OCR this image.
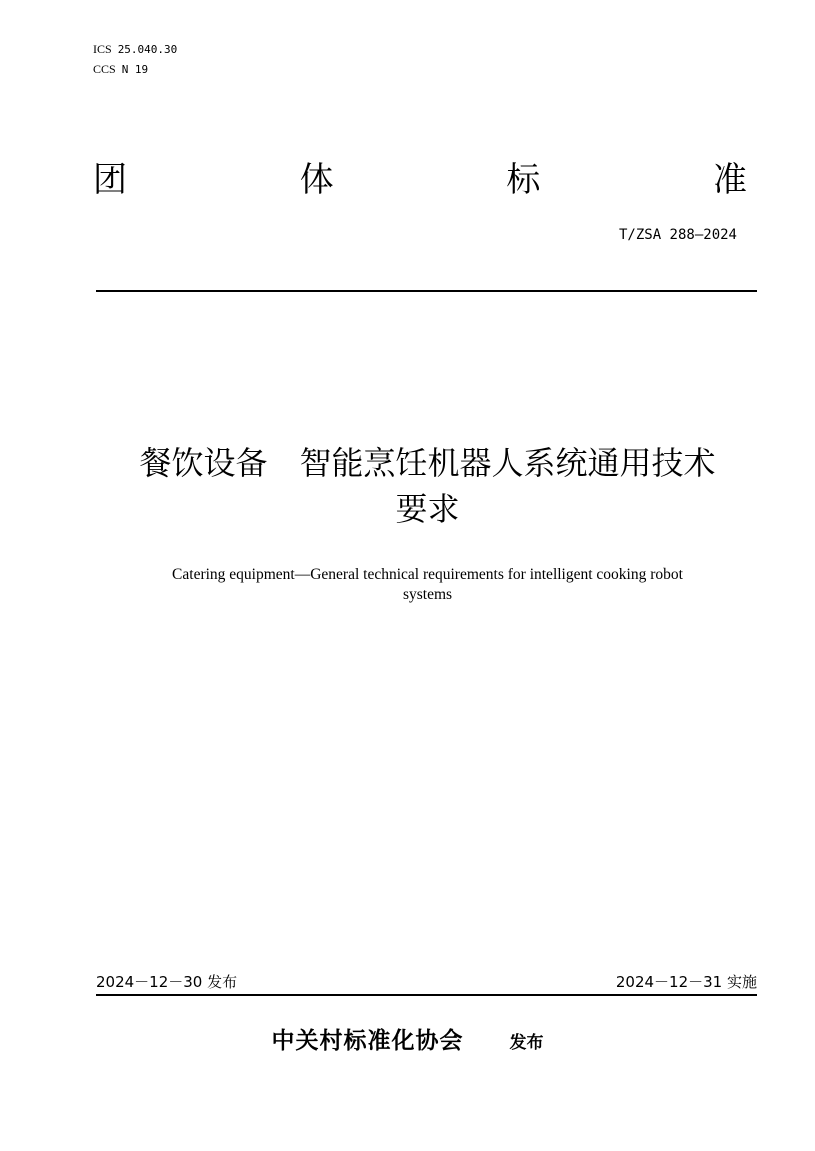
ICS 25.040.30
CCS N 19
团	体	标	准
T/ZSA 288—2024
餐饮设备　智能烹饪机器人系统通用技术
要求
Catering equipment—General technical requirements for intelligent cooking robot
systems
2024－12－30 发布	2024－12－31 实施
中关村标准化协会	发布
